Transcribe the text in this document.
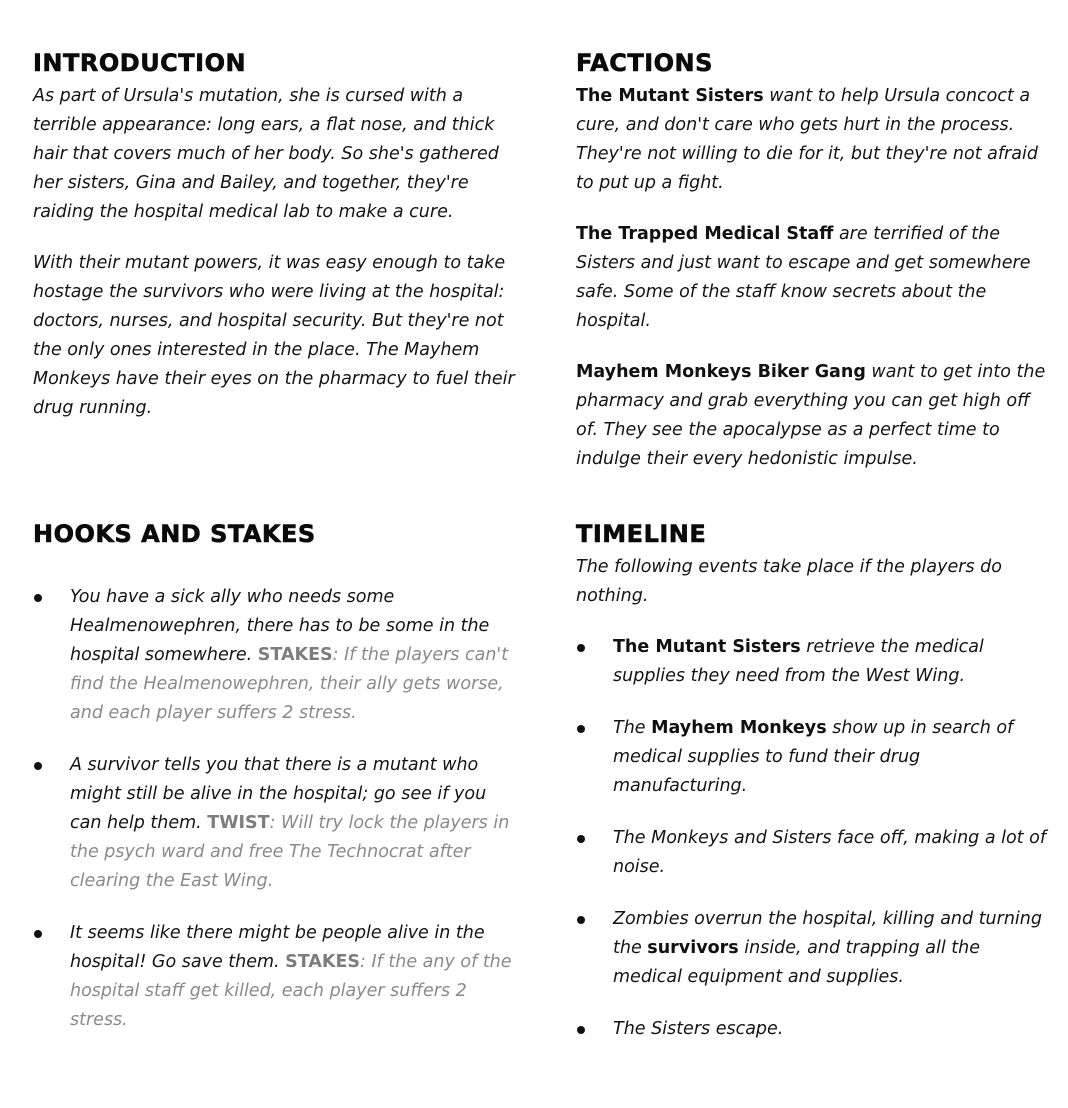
INTRODUCTION

As part of Ursula's mutation, she is cursed with a terrible appearance: long ears, a flat nose, and thick hair that covers much of her body. So she's gathered her sisters, Gina and Bailey, and together, they're raiding the hospital medical lab to make a cure.

With their mutant powers, it was easy enough to take hostage the survivors who were living at the hospital: doctors, nurses, and hospital security. But they're not the only ones interested in the place. The Mayhem Monkeys have their eyes on the pharmacy to fuel their drug running.

HOOKS AND STAKES
You have a sick ally who needs some Healmenowephren, there has to be some in the hospital somewhere. STAKES: If the players can't find the Healmenowephren, their ally gets worse, and each player suffers 2 stress.
A survivor tells you that there is a mutant who might still be alive in the hospital; go see if you can help them. TWIST: Will try lock the players in the psych ward and free The Technocrat after clearing the East Wing.
It seems like there might be people alive in the hospital! Go save them. STAKES: If the any of the hospital staff get killed, each player suffers 2 stress.
FACTIONS

The Mutant Sisters want to help Ursula concoct a cure, and don't care who gets hurt in the process. They're not willing to die for it, but they're not afraid to put up a fight.

The Trapped Medical Staff are terrified of the Sisters and just want to escape and get somewhere safe. Some of the staff know secrets about the hospital.

Mayhem Monkeys Biker Gang want to get into the pharmacy and grab everything you can get high off of. They see the apocalypse as a perfect time to indulge their every hedonistic impulse.

TIMELINE

The following events take place if the players do nothing.

The Mutant Sisters retrieve the medical supplies they need from the West Wing.
The Mayhem Monkeys show up in search of medical supplies to fund their drug manufacturing.
The Monkeys and Sisters face off, making a lot of noise.
Zombies overrun the hospital, killing and turning the survivors inside, and trapping all the medical equipment and supplies.
The Sisters escape.
